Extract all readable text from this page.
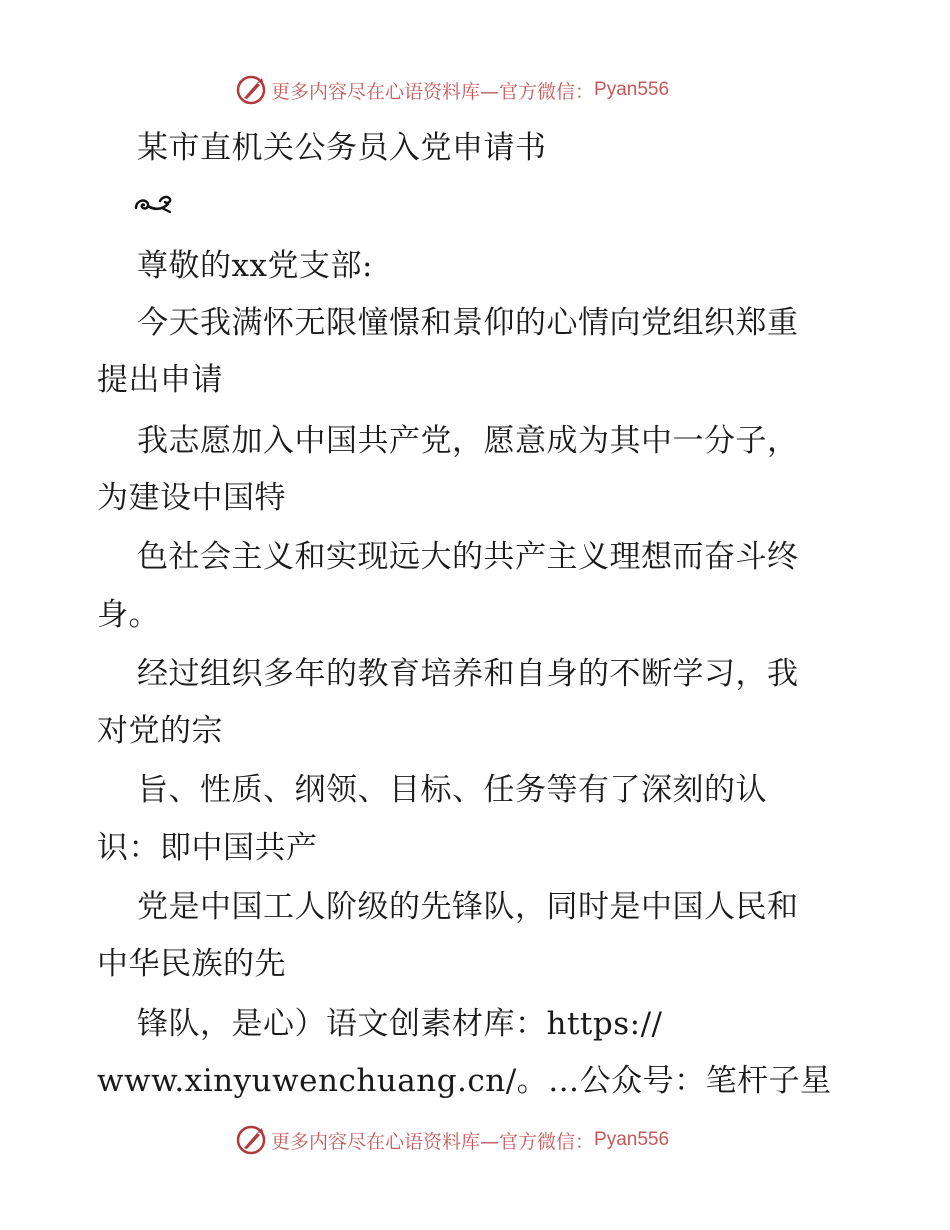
更多内容尽在心语资料库—官方微信： Pyan556
某市直机关公务员入党申请书
尊敬的xx党支部:
今天我满怀无限憧憬和景仰的心情向党组织郑重
提出申请
我志愿加入中国共产党，愿意成为其中一分子，
为建设中国特
色社会主义和实现远大的共产主义理想而奋斗终
身。
经过组织多年的教育培养和自身的不断学习，我
对党的宗
旨、性质、纲领、目标、任务等有了深刻的认
识：即中国共产
党是中国工人阶级的先锋队，同时是中国人民和
中华民族的先
锋队，是心）语文创素材库：https://
www.xinyuwenchuang.cn/。…公众号：笔杆子星
更多内容尽在心语资料库—官方微信： Pyan556
